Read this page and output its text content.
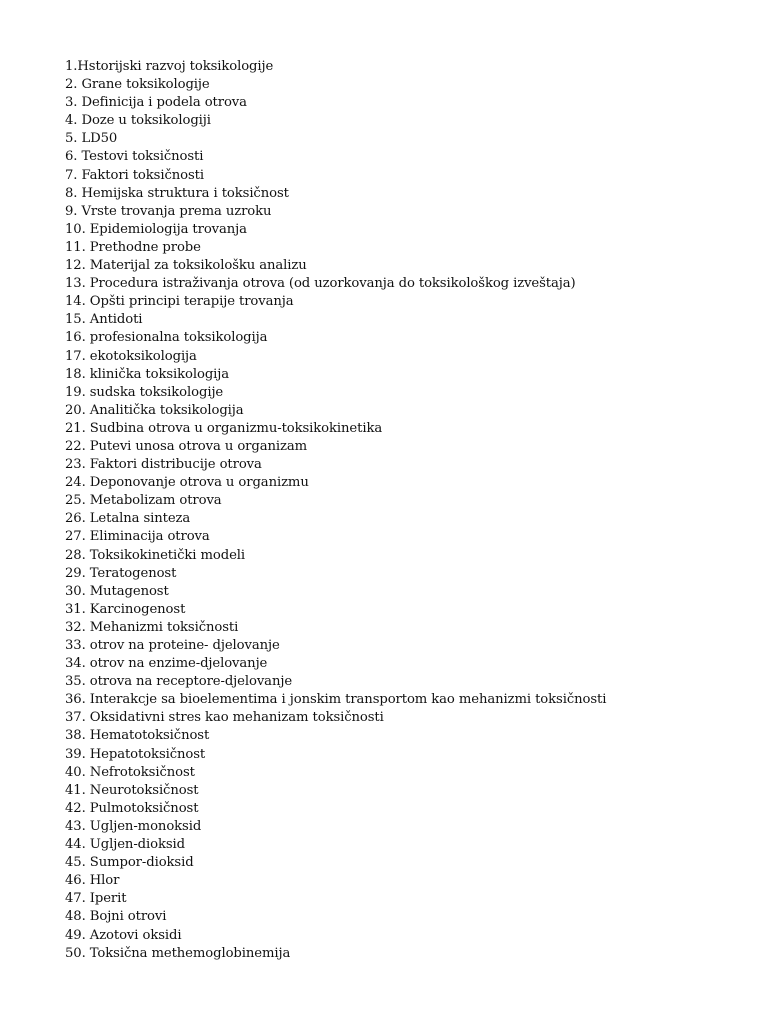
1.Hstorijski razvoj toksikologije
2. Grane toksikologije
3. Definicija i podela otrova
4. Doze u toksikologiji
5. LD50
6. Testovi toksičnosti
7. Faktori toksičnosti
8. Hemijska struktura i toksičnost
9. Vrste trovanja prema uzroku
10. Epidemiologija trovanja
11. Prethodne probe
12. Materijal za toksikološku analizu
13. Procedura istraživanja otrova (od uzorkovanja do toksikološkog izveštaja)
14. Opšti principi terapije trovanja
15. Antidoti
16. profesionalna toksikologija
17. ekotoksikologija
18. klinička toksikologija
19. sudska toksikologije
20. Analitička toksikologija
21. Sudbina otrova u organizmu-toksikokinetika
22. Putevi unosa otrova u organizam
23. Faktori distribucije otrova
24. Deponovanje otrova u organizmu
25. Metabolizam otrova
26. Letalna sinteza
27. Eliminacija otrova
28. Toksikokinetički modeli
29. Teratogenost
30. Mutagenost
31. Karcinogenost
32. Mehanizmi toksičnosti
33. otrov na proteine- djelovanje
34. otrov na enzime-djelovanje
35. otrova na receptore-djelovanje
36. Interakcje sa bioelementima i jonskim transportom kao mehanizmi toksičnosti
37. Oksidativni stres kao mehanizam toksičnosti
38. Hematotoksičnost
39. Hepatotoksičnost
40. Nefrotoksičnost
41. Neurotoksičnost
42. Pulmotoksičnost
43. Ugljen-monoksid
44. Ugljen-dioksid
45. Sumpor-dioksid
46. Hlor
47. Iperit
48. Bojni otrovi
49. Azotovi oksidi
50. Toksična methemoglobinemija
